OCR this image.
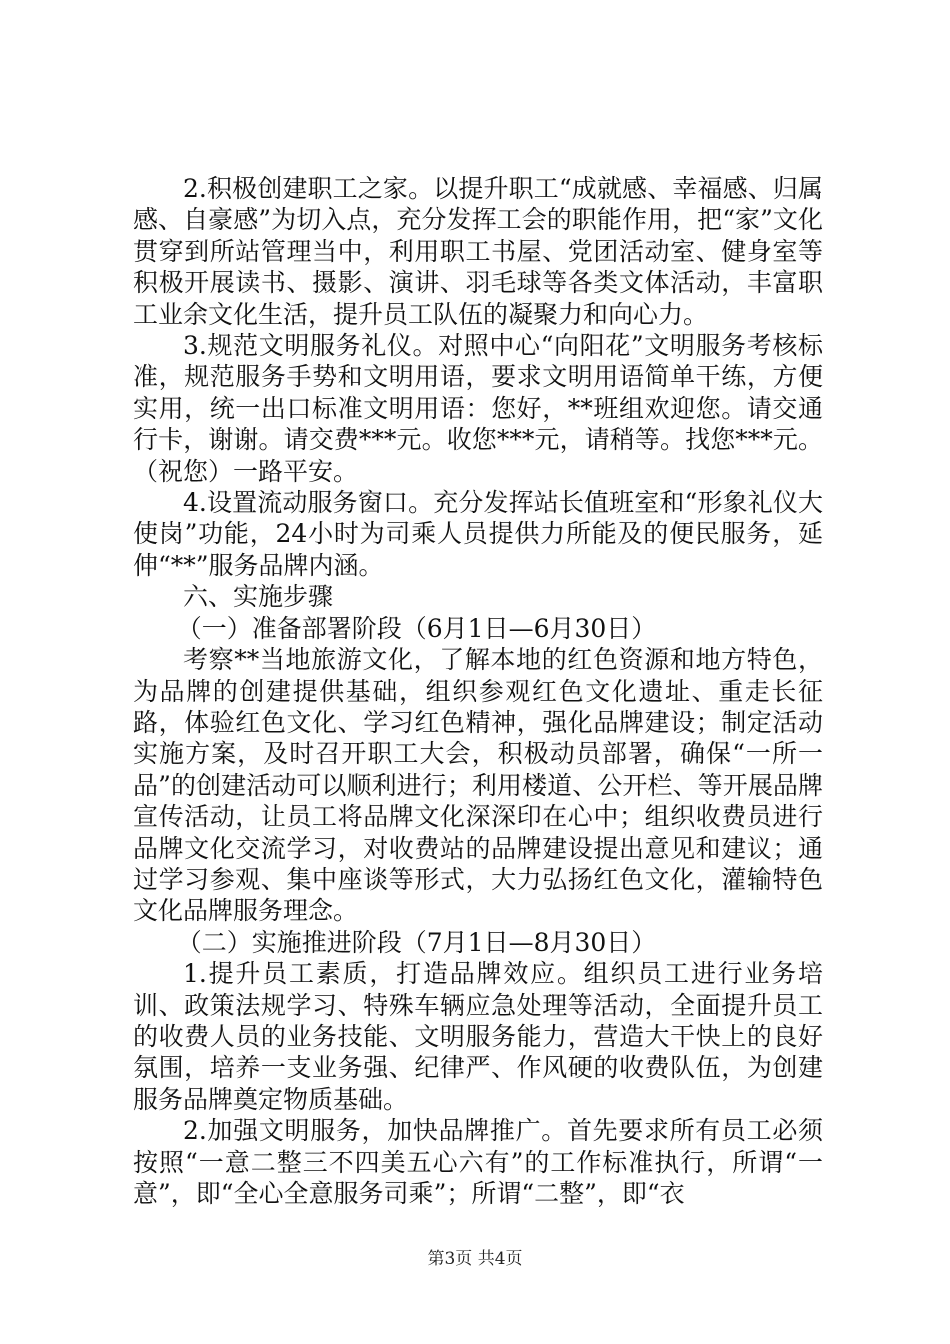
2.积极创建职工之家。以提升职工“成就感、幸福感、归属感、自豪感”为切入点，充分发挥工会的职能作用，把“家”文化贯穿到所站管理当中，利用职工书屋、党团活动室、健身室等积极开展读书、摄影、演讲、羽毛球等各类文体活动，丰富职工业余文化生活，提升员工队伍的凝聚力和向心力。

3.规范文明服务礼仪。对照中心“向阳花”文明服务考核标准，规范服务手势和文明用语，要求文明用语简单干练，方便实用，统一出口标准文明用语：您好，**班组欢迎您。请交通行卡，谢谢。请交费***元。收您***元，请稍等。找您***元。（祝您）一路平安。

4.设置流动服务窗口。充分发挥站长值班室和“形象礼仪大使岗”功能，24小时为司乘人员提供力所能及的便民服务，延伸“**”服务品牌内涵。

六、实施步骤

（一）准备部署阶段（6月1日—6月30日）

考察**当地旅游文化，了解本地的红色资源和地方特色，为品牌的创建提供基础，组织参观红色文化遗址、重走长征路，体验红色文化、学习红色精神，强化品牌建设；制定活动实施方案，及时召开职工大会，积极动员部署，确保“一所一品”的创建活动可以顺利进行；利用楼道、公开栏、等开展品牌宣传活动，让员工将品牌文化深深印在心中；组织收费员进行品牌文化交流学习，对收费站的品牌建设提出意见和建议；通过学习参观、集中座谈等形式，大力弘扬红色文化，灌输特色文化品牌服务理念。

（二）实施推进阶段（7月1日—8月30日）

1.提升员工素质，打造品牌效应。组织员工进行业务培训、政策法规学习、特殊车辆应急处理等活动，全面提升员工的收费人员的业务技能、文明服务能力，营造大干快上的良好氛围，培养一支业务强、纪律严、作风硬的收费队伍，为创建服务品牌奠定物质基础。

2.加强文明服务，加快品牌推广。首先要求所有员工必须按照“一意二整三不四美五心六有”的工作标准执行，所谓“一意”，即“全心全意服务司乘”；所谓“二整”，即“衣

第3页 共4页
